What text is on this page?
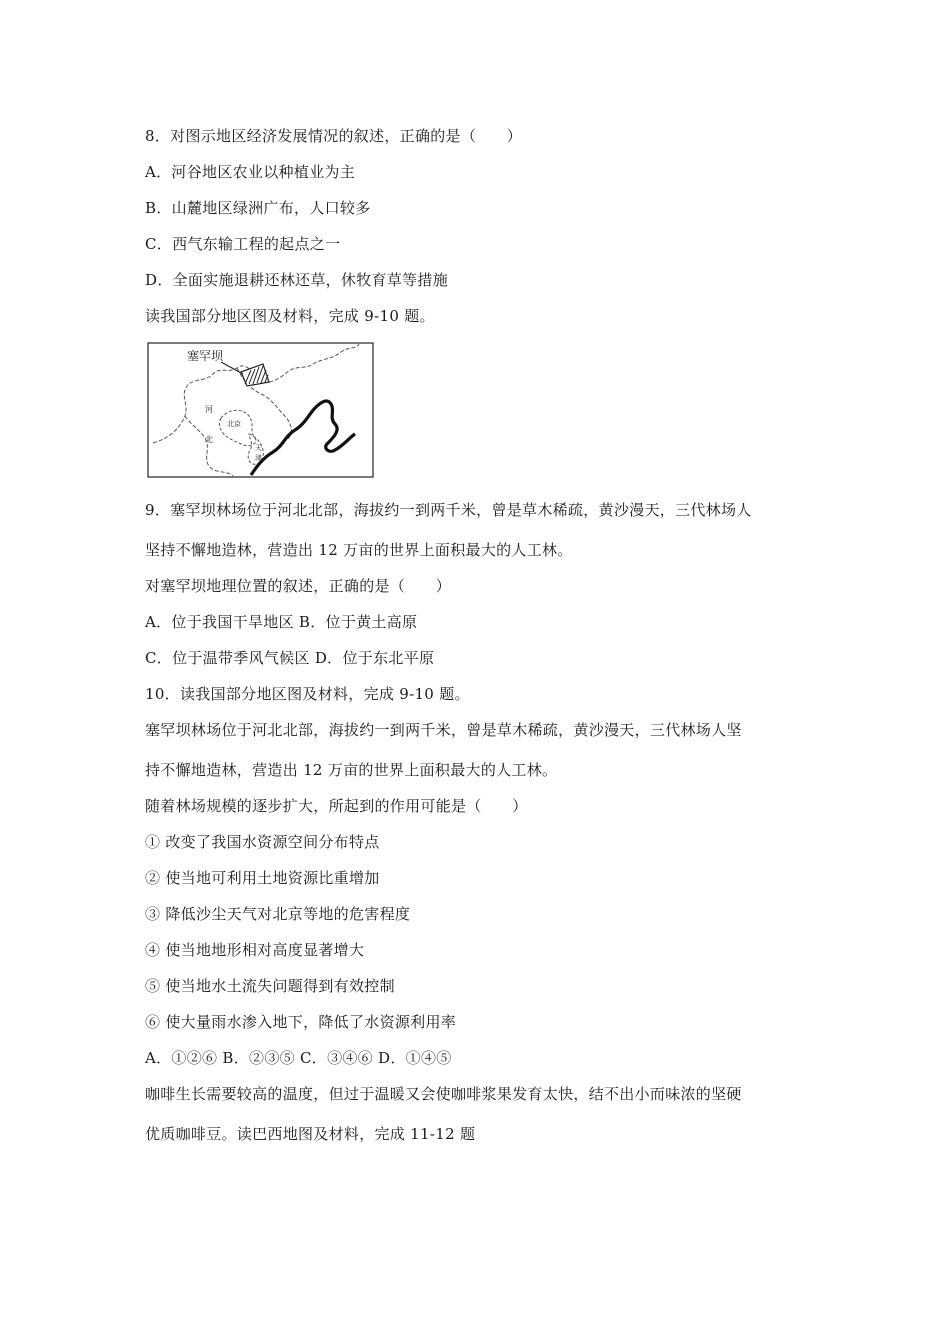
8．对图示地区经济发展情况的叙述，正确的是（　　）
A．河谷地区农业以种植业为主
B．山麓地区绿洲广布，人口较多
C．西气东输工程的起点之一
D．全面实施退耕还林还草，休牧育草等措施
读我国部分地区图及材料，完成 9-10 题。
塞罕坝
河
北
北京
天
津
9．塞罕坝林场位于河北北部，海拔约一到两千米，曾是草木稀疏，黄沙漫天，三代林场人
坚持不懈地造林，营造出 12 万亩的世界上面积最大的人工林。
对塞罕坝地理位置的叙述，正确的是（　　）
A．位于我国干旱地区 B．位于黄土高原
C．位于温带季风气候区 D．位于东北平原
10．读我国部分地区图及材料，完成 9-10 题。
塞罕坝林场位于河北北部，海拔约一到两千米，曾是草木稀疏，黄沙漫天，三代林场人坚
持不懈地造林，营造出 12 万亩的世界上面积最大的人工林。
随着林场规模的逐步扩大，所起到的作用可能是（　　）
① 改变了我国水资源空间分布特点
② 使当地可利用土地资源比重增加
③ 降低沙尘天气对北京等地的危害程度
④ 使当地地形相对高度显著增大
⑤ 使当地水土流失问题得到有效控制
⑥ 使大量雨水渗入地下，降低了水资源利用率
A．①②⑥ B．②③⑤ C．③④⑥ D．①④⑤
咖啡生长需要较高的温度，但过于温暖又会使咖啡浆果发育太快，结不出小而味浓的坚硬
优质咖啡豆。读巴西地图及材料，完成 11-12 题
